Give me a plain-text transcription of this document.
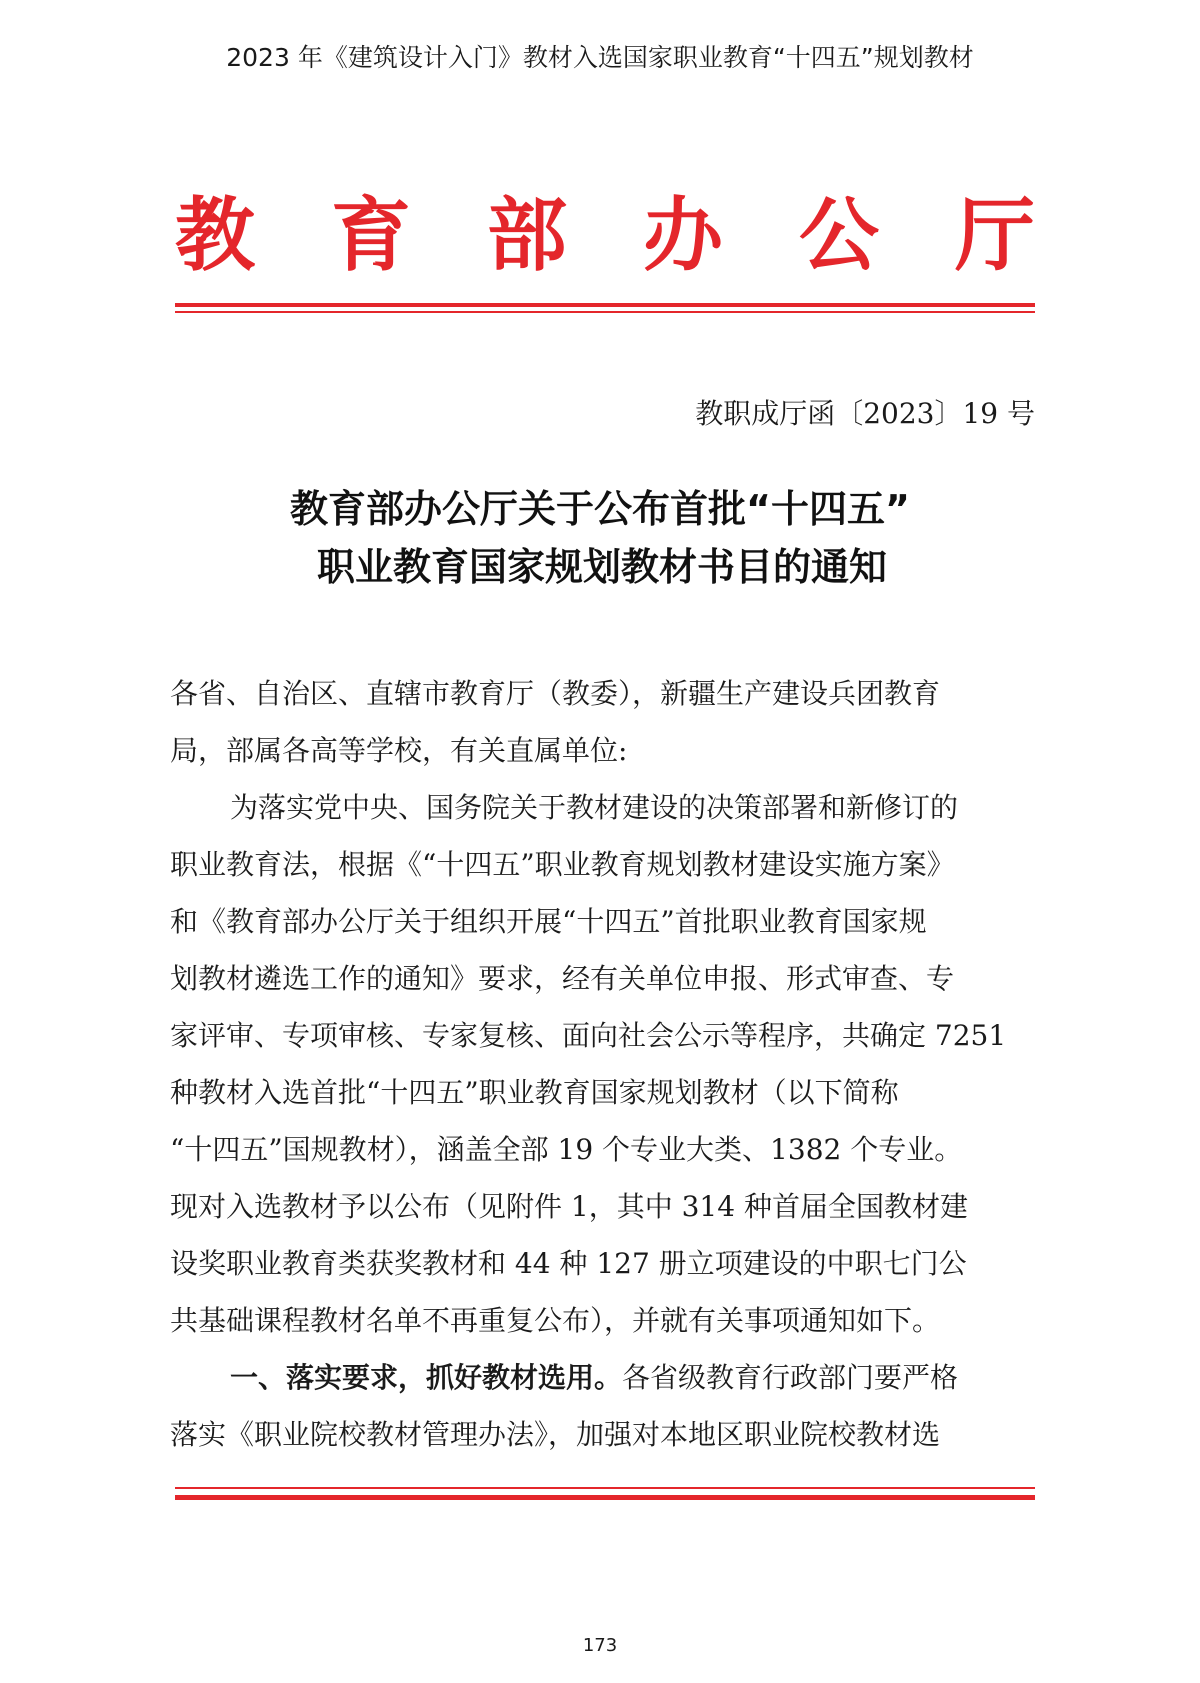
2023 年《建筑设计入门》教材入选国家职业教育“十四五”规划教材
教 育 部 办 公 厅
教职成厅函〔2023〕19 号
教育部办公厅关于公布首批“十四五”
职业教育国家规划教材书目的通知
各省、自治区、直辖市教育厅（教委），新疆生产建设兵团教育
局，部属各高等学校，有关直属单位:
为落实党中央、国务院关于教材建设的决策部署和新修订的
职业教育法，根据《“十四五”职业教育规划教材建设实施方案》
和《教育部办公厅关于组织开展“十四五”首批职业教育国家规
划教材遴选工作的通知》要求，经有关单位申报、形式审查、专
家评审、专项审核、专家复核、面向社会公示等程序，共确定 7251
种教材入选首批“十四五”职业教育国家规划教材（以下简称
“十四五”国规教材），涵盖全部 19 个专业大类、1382 个专业。
现对入选教材予以公布（见附件 1，其中 314 种首届全国教材建
设奖职业教育类获奖教材和 44 种 127 册立项建设的中职七门公
共基础课程教材名单不再重复公布），并就有关事项通知如下。
一、落实要求，抓好教材选用。各省级教育行政部门要严格
落实《职业院校教材管理办法》，加强对本地区职业院校教材选
173
